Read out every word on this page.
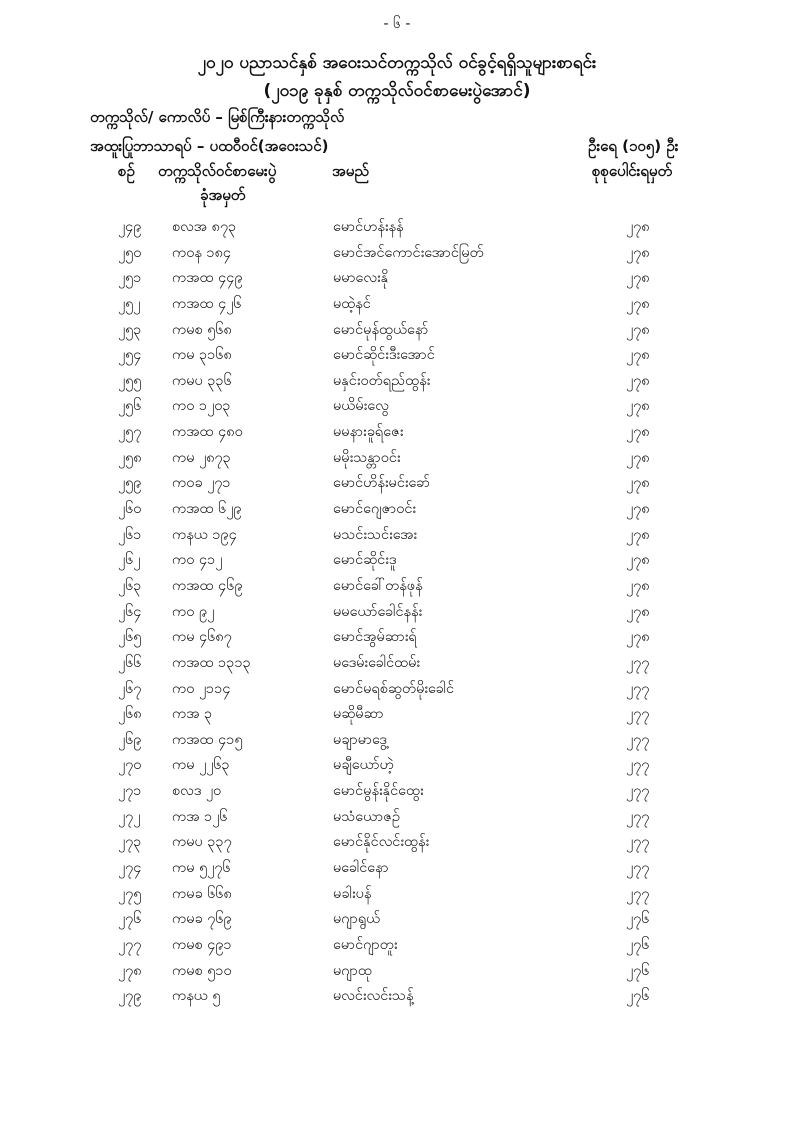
- ၆ -
၂၀၂၀ ပညာသင်နှစ် အဝေးသင်တက္ကသိုလ် ဝင်ခွင့်ရရှိသူများစာရင်း
(၂၀၁၉ ခုနှစ် တက္ကသိုလ်ဝင်စာမေးပွဲအောင်)
တက္ကသိုလ်/ ကောလိပ် – မြစ်ကြီးနားတက္ကသိုလ်
အထူးပြုဘာသာရပ် – ပထဝီဝင်(အဝေးသင်)	ဦးရေ (၁၀၅) ဦး
စဉ် တက္ကသိုလ်ဝင်စာမေးပွဲ
ခုံအမှတ်
အမည်	စုစုပေါင်းရမှတ်
၂၄၉ စလအ ၈၇၃	မောင်ဟန်းနန်	၂၇၈
၂၅၀ ကဝန ၁၈၄	မောင်အင်ကောင်းအောင်မြတ်	၂၇၈
၂၅၁ ကအထ ၄၄၉	မမာလေးနို	၂၇၈
၂၅၂ ကအထ ၄၂၆	မထဲ့နင်	၂၇၈
၂၅၃ ကမစ ၅၆၈	မောင်မုန်ထွယ်နော်	၂၇၈
၂၅၄ ကမ ၃၁၆၈	မောင်ဆိုင်းဒီးအောင်	၂၇၈
၂၅၅ ကမပ ၃၃၆	မနှင်းဝတ်ရည်ထွန်း	၂၇၈
၂၅၆ ကဝ ၁၂၀၃	မယိမ်းလွေ	၂၇၈
၂၅၇ ကအထ ၄၈၀	မမနားခူရ်ဇေး	၂၇၈
၂၅၈ ကမ ၂၈၇၃	မမိုးသန္တာဝင်း	၂၇၈
၂၅၉ ကဝခ ၂၇၁	မောင်ဟိန်းမင်းခော်	၂၇၈
၂၆၀ ကအထ ၆၂၉	မောင်ဂျေဇာဝင်း	၂၇၈
၂၆၁ ကနယ ၁၉၄	မသင်းသင်းအေး	၂၇၈
၂၆၂ ကဝ ၄၁၂	မောင်ဆိုင်းဒူ	၂၇၈
၂၆၃ ကအထ ၄၆၉	မောင်ခေါ်တန်ဖုန်	၂၇၈
၂၆၄ ကဝ ၉၂	မမယော်ခေါင်နန်း	၂၇၈
၂၆၅ ကမ ၄၆၈၇	မောင်အွမ်ဆားရ်	၂၇၈
၂၆၆ ကအထ ၁၃၁၃	မဒေမ်းခေါင်ထမ်း	၂၇၇
၂၆၇ ကဝ ၂၁၁၄	မောင်မရစ်ဆွတ်မိုးခေါင်	၂၇၇
၂၆၈ ကအ ၃	မဆိုမီဆာ	၂၇၇
၂၆၉ ကအထ ၄၁၅	မချာမာဒွေ့	၂၇၇
၂၇၀ ကမ ၂၂၆၃	မချီယော်ဟဲ့	၂၇၇
၂၇၁ စလဒ ၂၀	မောင်မွန်းနိုင်ထွေး	၂၇၇
၂၇၂ ကအ ၁၂၆	မသံယောဇဉ်	၂၇၇
၂၇၃ ကမပ ၃၃၇	မောင်နိုင်လင်းထွန်း	၂၇၇
၂၇၄ ကမ ၅၂၇၆	မခေါင်နော	၂၇၇
၂၇၅ ကမခ ၆၆၈	မခါးပန်	၂၇၇
၂၇၆ ကမခ ၇၆၉	မဂျာရွယ်	၂၇၆
၂၇၇ ကမစ ၄၉၁	မောင်ဂျာတူး	၂၇၆
၂၇၈ ကမစ ၅၁၀	မဂျာထု	၂၇၆
၂၇၉ ကနယ ၅	မလင်းလင်းသန့်	၂၇၆
